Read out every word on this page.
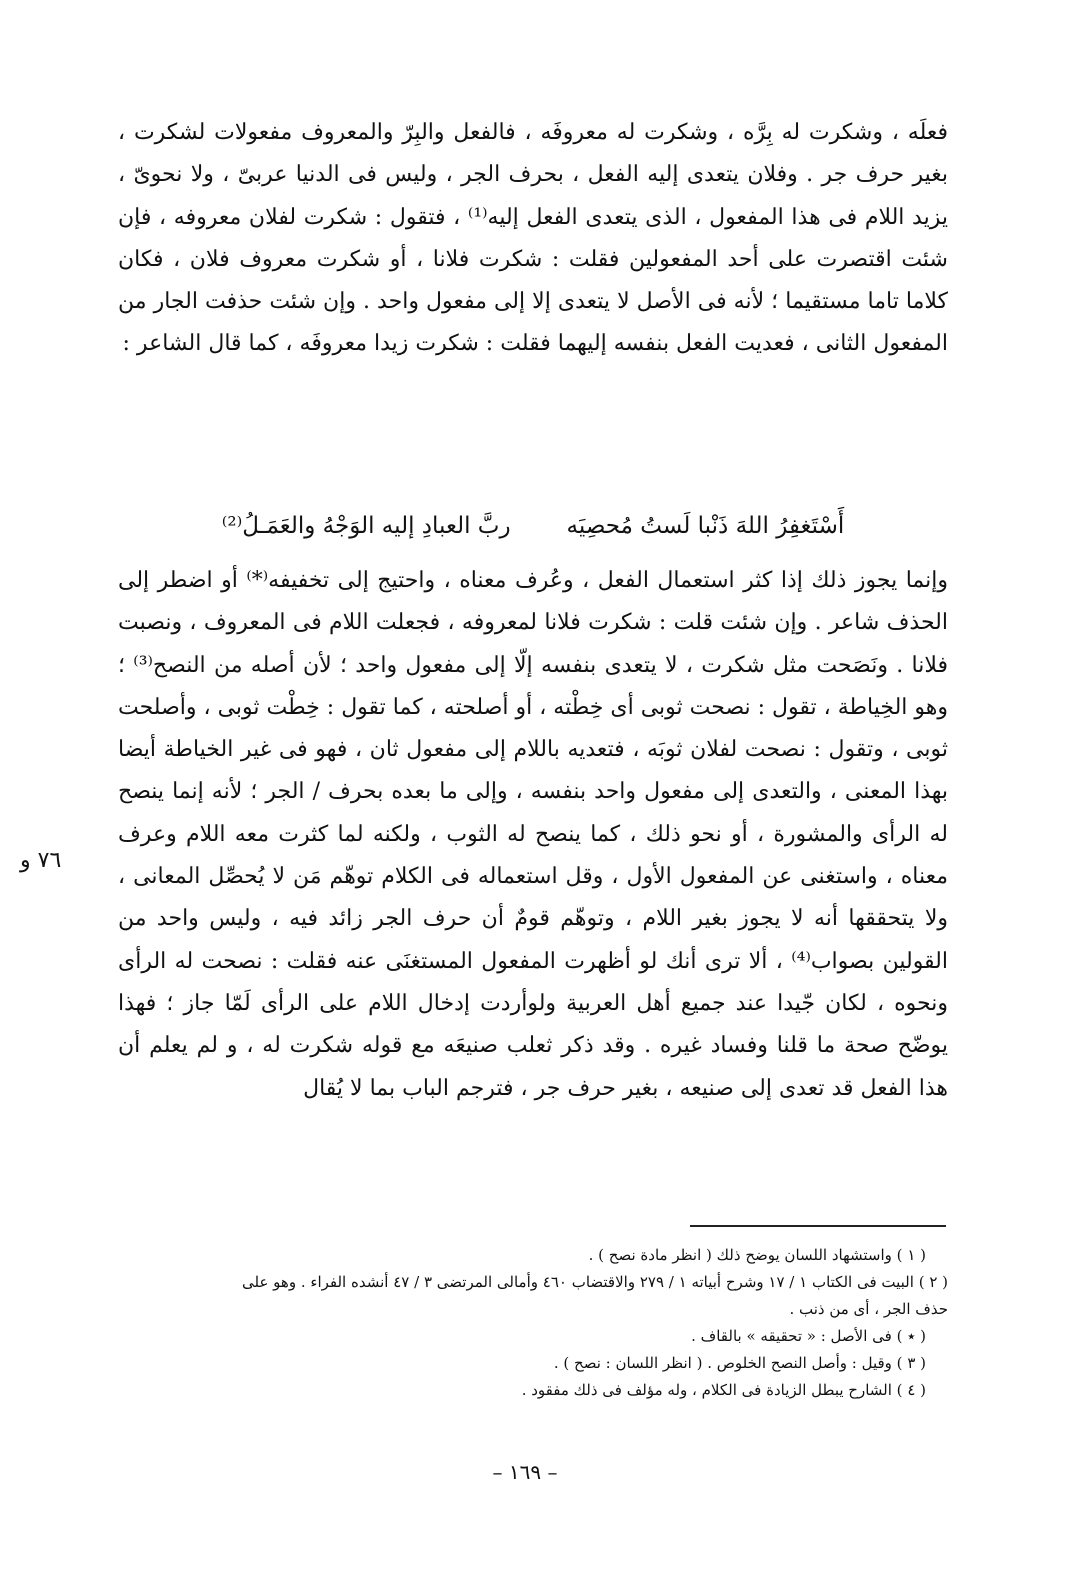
فعلَه ، وشكرت له بِرَّه ، وشكرت له معروفَه ، فالفعل والبِرّ والمعروف مفعولات لشكرت ، بغير حرف جر . وفلان يتعدى إليه الفعل ، بحرف الجر ، وليس فى الدنيا عربىّ ، ولا نحوىّ ، يزيد اللام فى هذا المفعول ، الذى يتعدى الفعل إليه⁽¹⁾ ، فتقول : شكرت لفلان معروفه ، فإن شئت اقتصرت على أحد المفعولين فقلت : شكرت فلانا ، أو شكرت معروف فلان ، فكان كلاما تاما مستقيما ؛ لأنه فى الأصل لا يتعدى إلا إلى مفعول واحد . وإن شئت حذفت الجار من المفعول الثانى ، فعديت الفعل بنفسه إليهما فقلت : شكرت زيدا معروفَه ، كما قال الشاعر :

أَسْتَغفِرُ اللهَ ذَنْبا لَستُ مُحصِيَه
ربَّ العبادِ إليه الوَجْهُ والعَمَـلُ⁽²⁾

وإنما يجوز ذلك إذا كثر استعمال الفعل ، وعُرف معناه ، واحتيج إلى تخفيفه⁽*⁾ أو اضطر إلى الحذف شاعر . وإن شئت قلت : شكرت فلانا لمعروفه ، فجعلت اللام فى المعروف ، ونصبت فلانا . ونَصَحت مثل شكرت ، لا يتعدى بنفسه إلّا إلى مفعول واحد ؛ لأن أصله من النصح⁽³⁾ ؛ وهو الخِياطة ، تقول : نصحت ثوبى أى خِطْته ، أو أصلحته ، كما تقول : خِطْت ثوبى ، وأصلحت ثوبى ، وتقول : نصحت لفلان ثوبَه ، فتعديه باللام إلى مفعول ثان ، فهو فى غير الخياطة أيضا بهذا المعنى ، والتعدى إلى مفعول واحد بنفسه ، وإلى ما بعده بحرف / الجر ؛ لأنه إنما ينصح له الرأى والمشورة ، أو نحو ذلك ، كما ينصح له الثوب ، ولكنه لما كثرت معه اللام وعرف معناه ، واستغنى عن المفعول الأول ، وقل استعماله فى الكلام توهّم مَن لا يُحصِّل المعانى ، ولا يتحققها أنه لا يجوز بغير اللام ، وتوهّم قومٌ أن حرف الجر زائد فيه ، وليس واحد من القولين بصواب⁽⁴⁾ ، ألا ترى أنك لو أظهرت المفعول المستغنَى عنه فقلت : نصحت له الرأى ونحوه ، لكان جّيدا عند جميع أهل العربية ولوأردت إدخال اللام على الرأى لَمّا جاز ؛ فهذا يوضّح صحة ما قلنا وفساد غيره . وقد ذكر ثعلب صنيعَه مع قوله شكرت له ، و لم يعلم أن هذا الفعل قد تعدى إلى صنيعه ، بغير حرف جر ، فترجم الباب بما لا يُقال

٧٦ و

( ١ ) واستشهاد اللسان يوضح ذلك ( انظر مادة نصح ) .

( ٢ ) البيت فى الكتاب ١ / ١٧ وشرح أبياته ١ / ٢٧٩ والاقتضاب ٤٦٠ وأمالى المرتضى ٣ / ٤٧ أنشده الفراء . وهو على

حذف الجر ، أى من ذنب .

( ٭ ) فى الأصل : « تحقيقه » بالقاف .

( ٣ ) وقيل : وأصل النصح الخلوص . ( انظر اللسان : نصح ) .

( ٤ ) الشارح يبطل الزيادة فى الكلام ، وله مؤلف فى ذلك مفقود .

– ١٦٩ –
